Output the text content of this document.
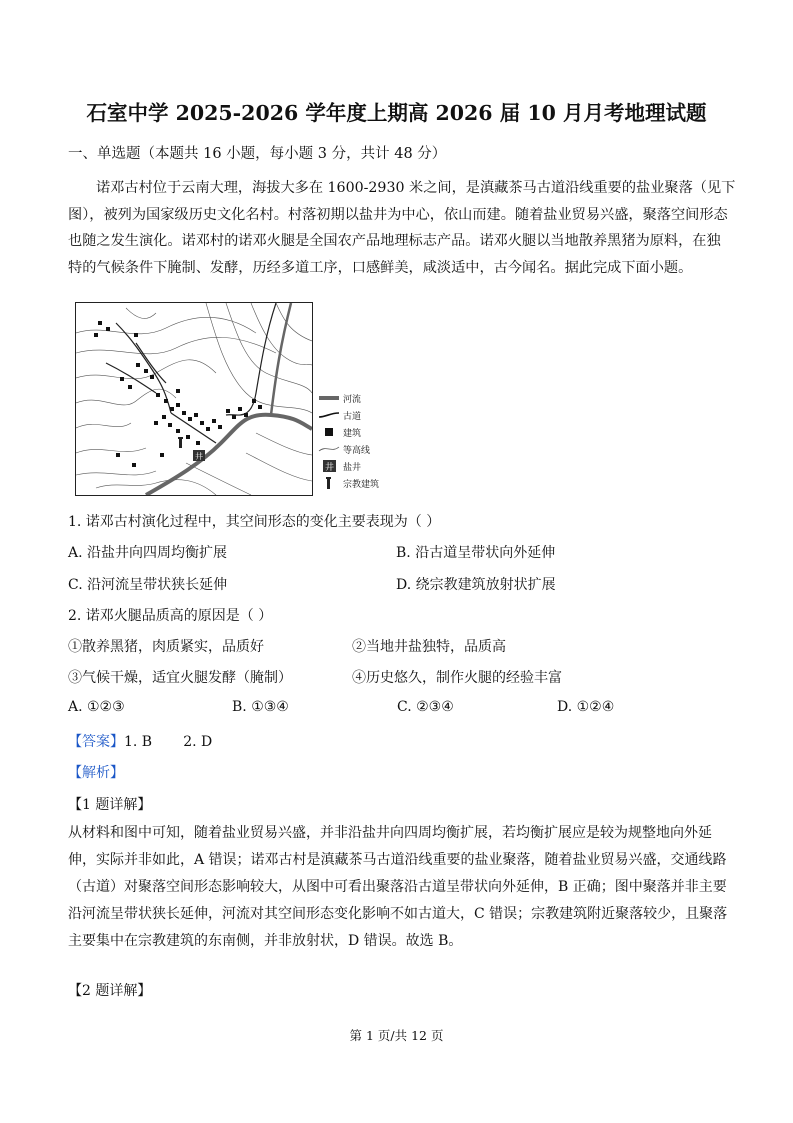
石室中学 2025-2026 学年度上期高 2026 届 10 月月考地理试题
一、单选题（本题共 16 小题，每小题 3 分，共计 48 分）
诺邓古村位于云南大理，海拔大多在 1600-2930 米之间，是滇藏茶马古道沿线重要的盐业聚落（见下
图），被列为国家级历史文化名村。村落初期以盐井为中心，依山而建。随着盐业贸易兴盛，聚落空间形态
也随之发生演化。诺邓村的诺邓火腿是全国农产品地理标志产品。诺邓火腿以当地散养黑猪为原料，在独
特的气候条件下腌制、发酵，历经多道工序，口感鲜美，咸淡适中，古今闻名。据此完成下面小题。
井
河流
古道
建筑
等高线
井 盐井
宗教建筑
1. 诺邓古村演化过程中，其空间形态的变化主要表现为（ ）
A. 沿盐井向四周均衡扩展	B. 沿古道呈带状向外延伸
C. 沿河流呈带状狭长延伸	D. 绕宗教建筑放射状扩展
2. 诺邓火腿品质高的原因是（ ）
①散养黑猪，肉质紧实，品质好	②当地井盐独特，品质高
③气候干燥，适宜火腿发酵（腌制）	④历史悠久，制作火腿的经验丰富
A. ①②③	B. ①③④	C. ②③④	D. ①②④
【答案】1. B       2. D
【解析】
【1 题详解】
从材料和图中可知，随着盐业贸易兴盛，并非沿盐井向四周均衡扩展，若均衡扩展应是较为规整地向外延
伸，实际并非如此，A 错误；诺邓古村是滇藏茶马古道沿线重要的盐业聚落，随着盐业贸易兴盛，交通线路
（古道）对聚落空间形态影响较大，从图中可看出聚落沿古道呈带状向外延伸，B 正确；图中聚落并非主要
沿河流呈带状狭长延伸，河流对其空间形态变化影响不如古道大，C 错误；宗教建筑附近聚落较少，且聚落
主要集中在宗教建筑的东南侧，并非放射状，D 错误。故选 B。
【2 题详解】
第 1 页/共 12 页
